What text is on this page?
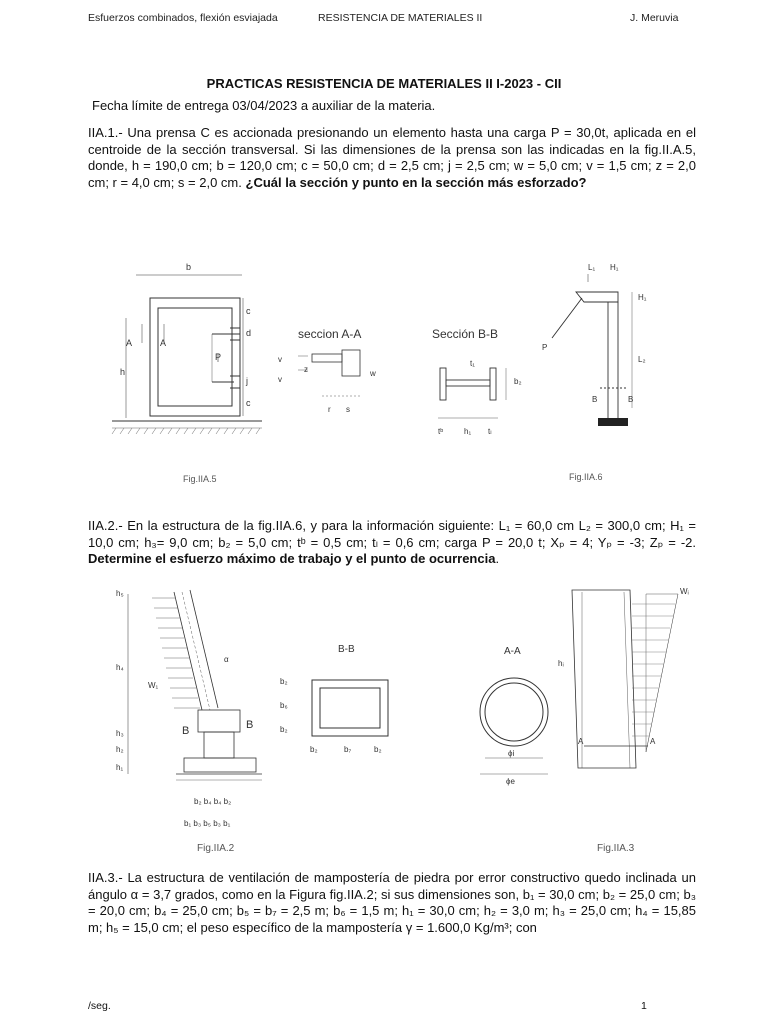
Esfuerzos combinados, flexión esviajada	RESISTENCIA DE MATERIALES II	J. Meruvia
PRACTICAS RESISTENCIA DE MATERIALES II I-2023 - CII
Fecha límite de entrega 03/04/2023 a auxiliar de la materia.
IIA.1.- Una prensa C es accionada presionando un elemento hasta una carga P = 30,0t, aplicada en el centroide de la sección transversal. Si las dimensiones de la prensa son las indicadas en la fig.II.A.5, donde, h = 190,0 cm; b = 120,0 cm; c = 50,0 cm; d = 2,5 cm; j = 2,5 cm; w = 5,0 cm; v = 1,5 cm; z = 2,0 cm; r = 4,0 cm; s = 2,0 cm. ¿Cuál la sección y punto en la sección más esforzado?
b
c
d
j
c
h
P
A	A
seccion A-A
v
v
z	w
r s
Sección B-B
t₁
b₂
tᵇ	h₁ tₗ
L₁ H₁
H₁
L₂
P
B	B
Fig.IIA.5	Fig.IIA.6
IIA.2.- En la estructura de la fig.IIA.6, y para la información siguiente: L₁ = 60,0 cm L₂ = 300,0 cm; H₁ = 10,0 cm; h₃= 9,0 cm; b₂ = 5,0 cm; tᵇ = 0,5 cm; tₗ = 0,6 cm; carga P = 20,0 t; Xₚ = 4; Yₚ = -3; Zₚ = -2. Determine el esfuerzo máximo de trabajo y el punto de ocurrencia.
h₅
h₄
h₃
h₂
h₁
W₁
α
B	B
b₂ b₄ b₄ b₂
b₁ b₃ b₅ b₃ b₁
B-B
b₂
b₆
b₂
b₂	b₇	b₂
A-A
ϕi
ϕe
hᵢ
Wᵢ
A	A
Fig.IIA.2	Fig.IIA.3
IIA.3.- La estructura de ventilación de mampostería de piedra por error constructivo quedo inclinada un ángulo α = 3,7 grados, como en la Figura fig.IIA.2; si sus dimensiones son, b₁ = 30,0 cm; b₂ = 25,0 cm; b₃ = 20,0 cm; b₄ = 25,0 cm; b₅ = b₇ = 2,5 m; b₆ = 1,5 m; h₁ = 30,0 cm; h₂ = 3,0 m; h₃ = 25,0 cm; h₄ = 15,85 m; h₅ = 15,0 cm; el peso específico de la mampostería γ = 1.600,0 Kg/m³; con
/seg.	1
